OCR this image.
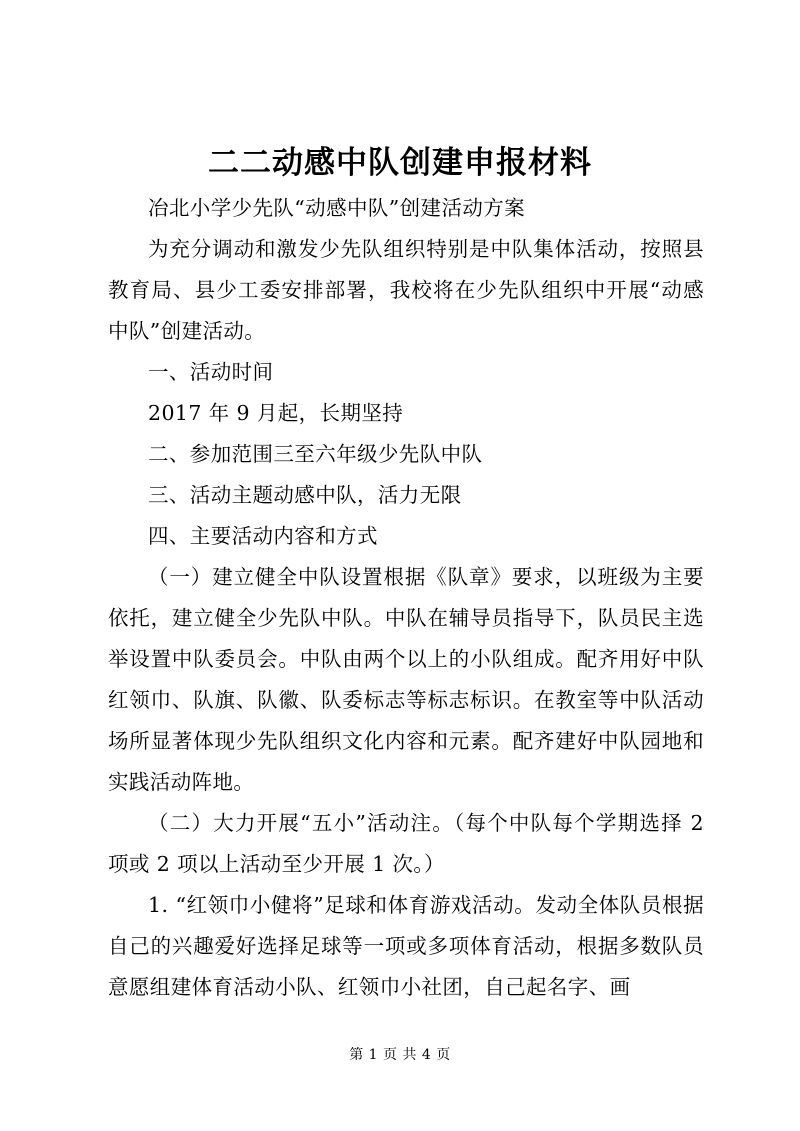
二二动感中队创建申报材料

冶北小学少先队“动感中队”创建活动方案

为充分调动和激发少先队组织特别是中队集体活动，按照县教育局、县少工委安排部署，我校将在少先队组织中开展“动感中队”创建活动。

一、活动时间

2017 年 9 月起，长期坚持

二、参加范围三至六年级少先队中队

三、活动主题动感中队，活力无限

四、主要活动内容和方式

（一）建立健全中队设置根据《队章》要求，以班级为主要依托，建立健全少先队中队。中队在辅导员指导下，队员民主选举设置中队委员会。中队由两个以上的小队组成。配齐用好中队红领巾、队旗、队徽、队委标志等标志标识。在教室等中队活动场所显著体现少先队组织文化内容和元素。配齐建好中队园地和实践活动阵地。

（二）大力开展“五小”活动注。（每个中队每个学期选择 2 项或 2 项以上活动至少开展 1 次。）

1. “红领巾小健将”足球和体育游戏活动。发动全体队员根据自己的兴趣爱好选择足球等一项或多项体育活动，根据多数队员意愿组建体育活动小队、红领巾小社团，自己起名字、画

第 1 页 共 4 页
